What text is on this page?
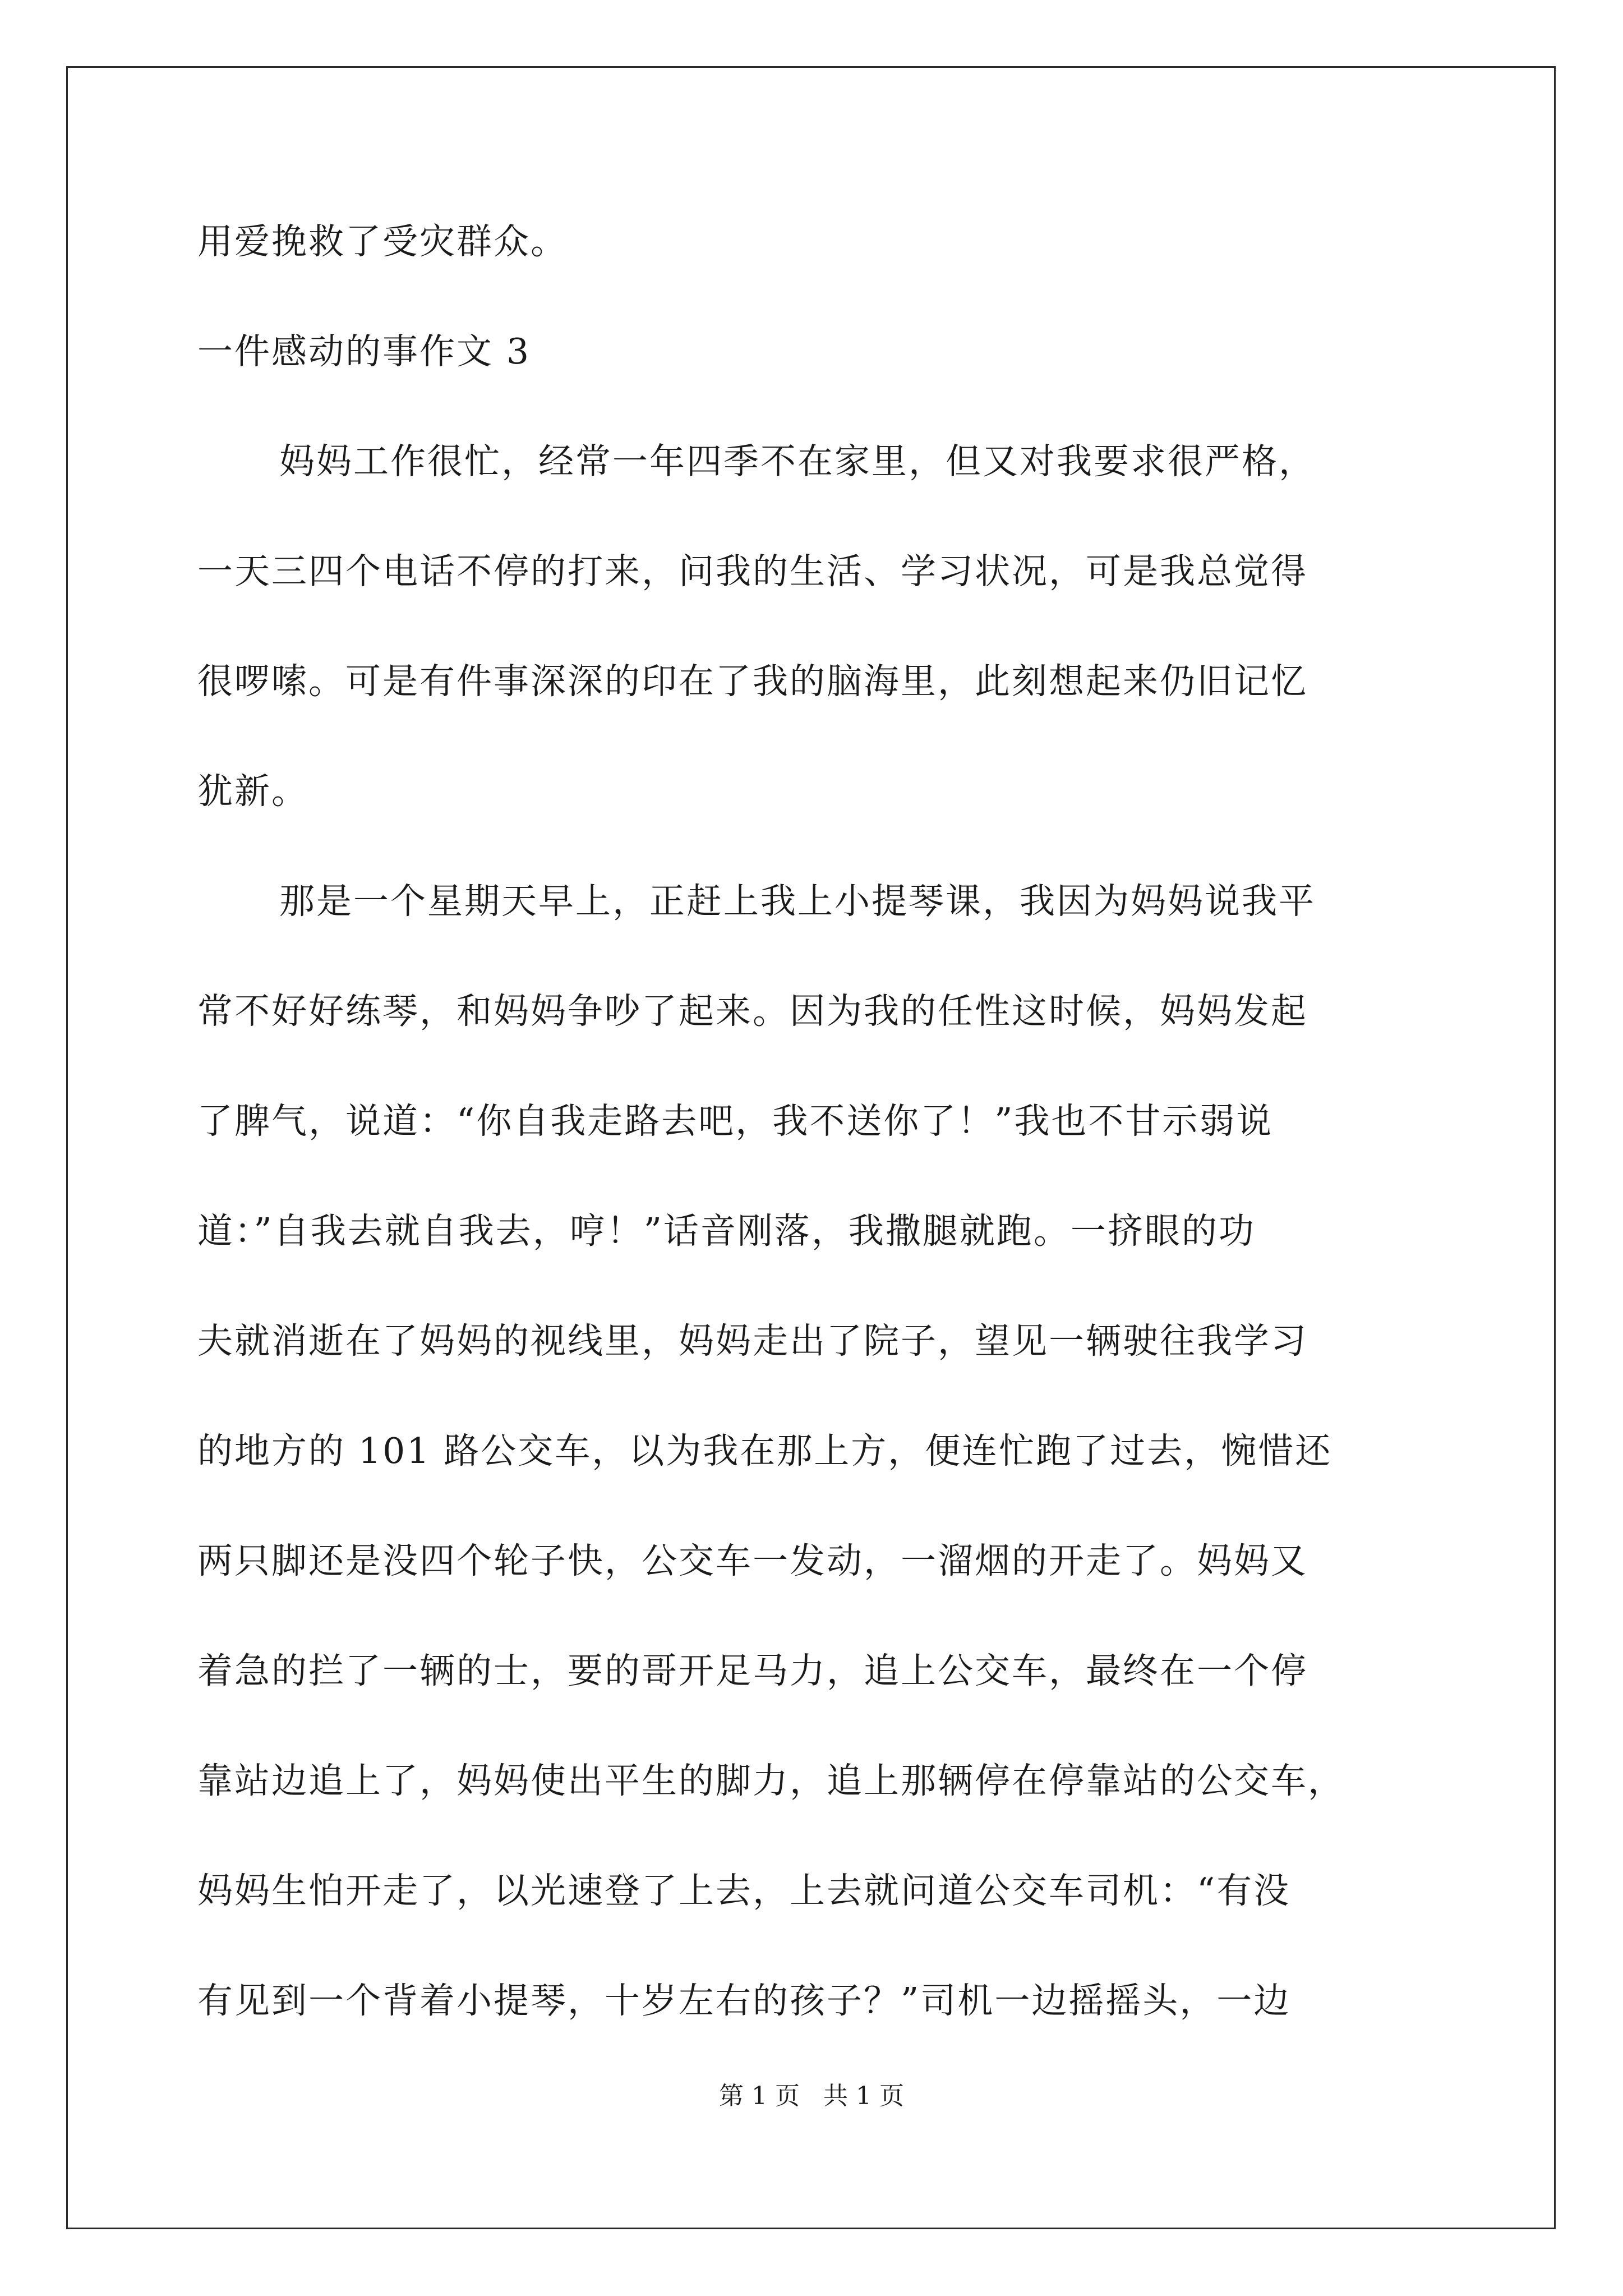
用爱挽救了受灾群众。
一件感动的事作文 3
妈妈工作很忙，经常一年四季不在家里，但又对我要求很严格，
一天三四个电话不停的打来，问我的生活、学习状况，可是我总觉得
很啰嗦。可是有件事深深的印在了我的脑海里，此刻想起来仍旧记忆
犹新。
那是一个星期天早上，正赶上我上小提琴课，我因为妈妈说我平
常不好好练琴，和妈妈争吵了起来。因为我的任性这时候，妈妈发起
了脾气，说道：“你自我走路去吧，我不送你了！”我也不甘示弱说
道：”自我去就自我去，哼！”话音刚落，我撒腿就跑。一挤眼的功
夫就消逝在了妈妈的视线里，妈妈走出了院子，望见一辆驶往我学习
的地方的 101 路公交车，以为我在那上方，便连忙跑了过去，惋惜还
两只脚还是没四个轮子快，公交车一发动，一溜烟的开走了。妈妈又
着急的拦了一辆的士，要的哥开足马力，追上公交车，最终在一个停
靠站边追上了，妈妈使出平生的脚力，追上那辆停在停靠站的公交车，
妈妈生怕开走了，以光速登了上去，上去就问道公交车司机：“有没
有见到一个背着小提琴，十岁左右的孩子？”司机一边摇摇头，一边
第 1 页   共 1 页
